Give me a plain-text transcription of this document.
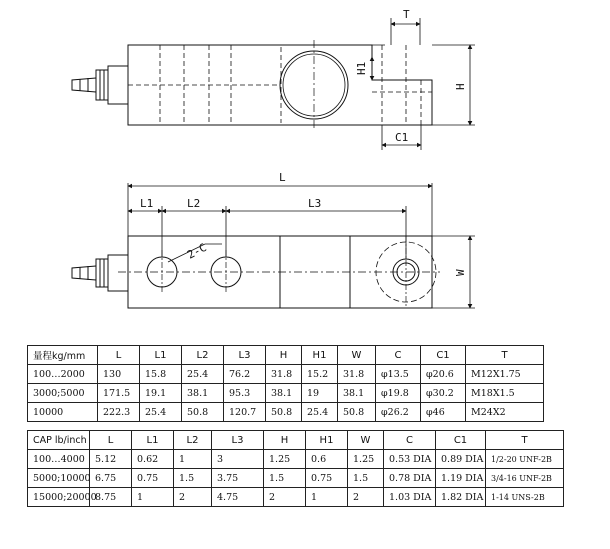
T
H1
H
C1
L
L1	L2	L3
2-C
W
量程kg/mm	L	L1	L2	L3	H	H1	W	C	C1	T
100…2000	130	15.8	25.4	76.2	31.8	15.2	31.8	φ13.5	φ20.6	M12X1.75
3000;5000	171.5	19.1	38.1	95.3	38.1	19	38.1	φ19.8	φ30.2	M18X1.5
10000	222.3	25.4	50.8	120.7	50.8	25.4	50.8	φ26.2	φ46	M24X2
CAP lb/inch	L	L1	L2	L3	H	H1	W	C	C1	T
100…4000	5.12	0.62	1	3	1.25	0.6	1.25	0.53 DIA	0.89 DIA	1/2-20 UNF-2B
5000;10000	6.75	0.75	1.5	3.75	1.5	0.75	1.5	0.78 DIA	1.19 DIA	3/4-16 UNF-2B
15000;20000	8.75	1	2	4.75	2	1	2	1.03 DIA	1.82 DIA	1-14 UNS-2B
